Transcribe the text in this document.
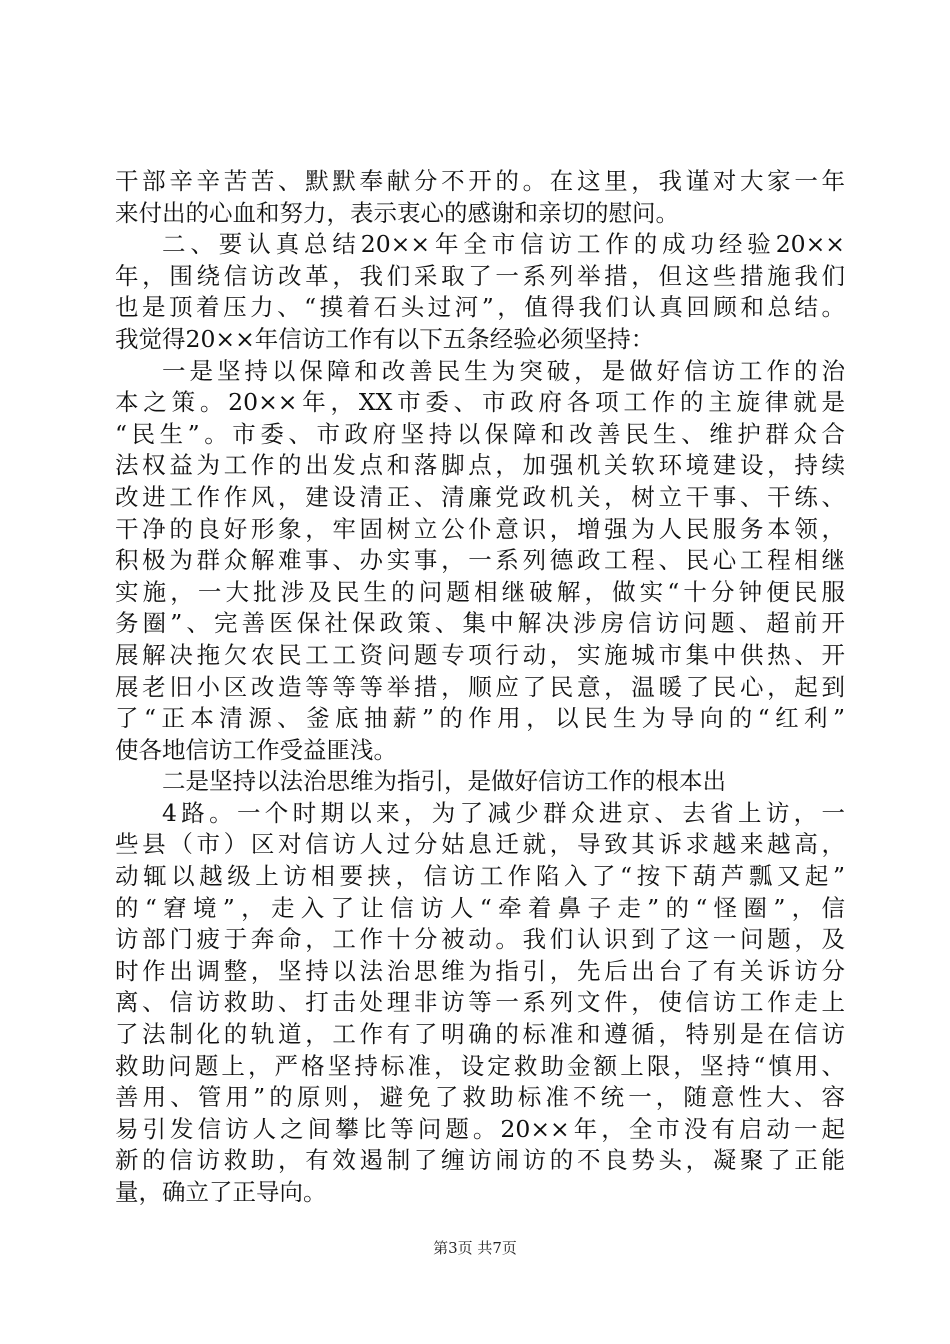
干部辛辛苦苦、默默奉献分不开的。在这里，我谨对大家一年
来付出的心血和努力，表示衷心的感谢和亲切的慰问。
二、要认真总结20××年全市信访工作的成功经验20××
年，围绕信访改革，我们采取了一系列举措，但这些措施我们
也是顶着压力、“摸着石头过河”，值得我们认真回顾和总结。
我觉得20××年信访工作有以下五条经验必须坚持：
一是坚持以保障和改善民生为突破，是做好信访工作的治
本之策。20××年，XX市委、市政府各项工作的主旋律就是
“民生”。市委、市政府坚持以保障和改善民生、维护群众合
法权益为工作的出发点和落脚点，加强机关软环境建设，持续
改进工作作风，建设清正、清廉党政机关，树立干事、干练、
干净的良好形象，牢固树立公仆意识，增强为人民服务本领，
积极为群众解难事、办实事，一系列德政工程、民心工程相继
实施，一大批涉及民生的问题相继破解，做实“十分钟便民服
务圈”、完善医保社保政策、集中解决涉房信访问题、超前开
展解决拖欠农民工工资问题专项行动，实施城市集中供热、开
展老旧小区改造等等等举措，顺应了民意，温暖了民心，起到
了“正本清源、釜底抽薪”的作用，以民生为导向的“红利”
使各地信访工作受益匪浅。
二是坚持以法治思维为指引，是做好信访工作的根本出
4路。一个时期以来，为了减少群众进京、去省上访，一
些县（市）区对信访人过分姑息迁就，导致其诉求越来越高，
动辄以越级上访相要挟，信访工作陷入了“按下葫芦瓢又起”
的“窘境”，走入了让信访人“牵着鼻子走”的“怪圈”，信
访部门疲于奔命，工作十分被动。我们认识到了这一问题，及
时作出调整，坚持以法治思维为指引，先后出台了有关诉访分
离、信访救助、打击处理非访等一系列文件，使信访工作走上
了法制化的轨道，工作有了明确的标准和遵循，特别是在信访
救助问题上，严格坚持标准，设定救助金额上限，坚持“慎用、
善用、管用”的原则，避免了救助标准不统一，随意性大、容
易引发信访人之间攀比等问题。20××年，全市没有启动一起
新的信访救助，有效遏制了缠访闹访的不良势头，凝聚了正能
量，确立了正导向。
第3页 共7页
